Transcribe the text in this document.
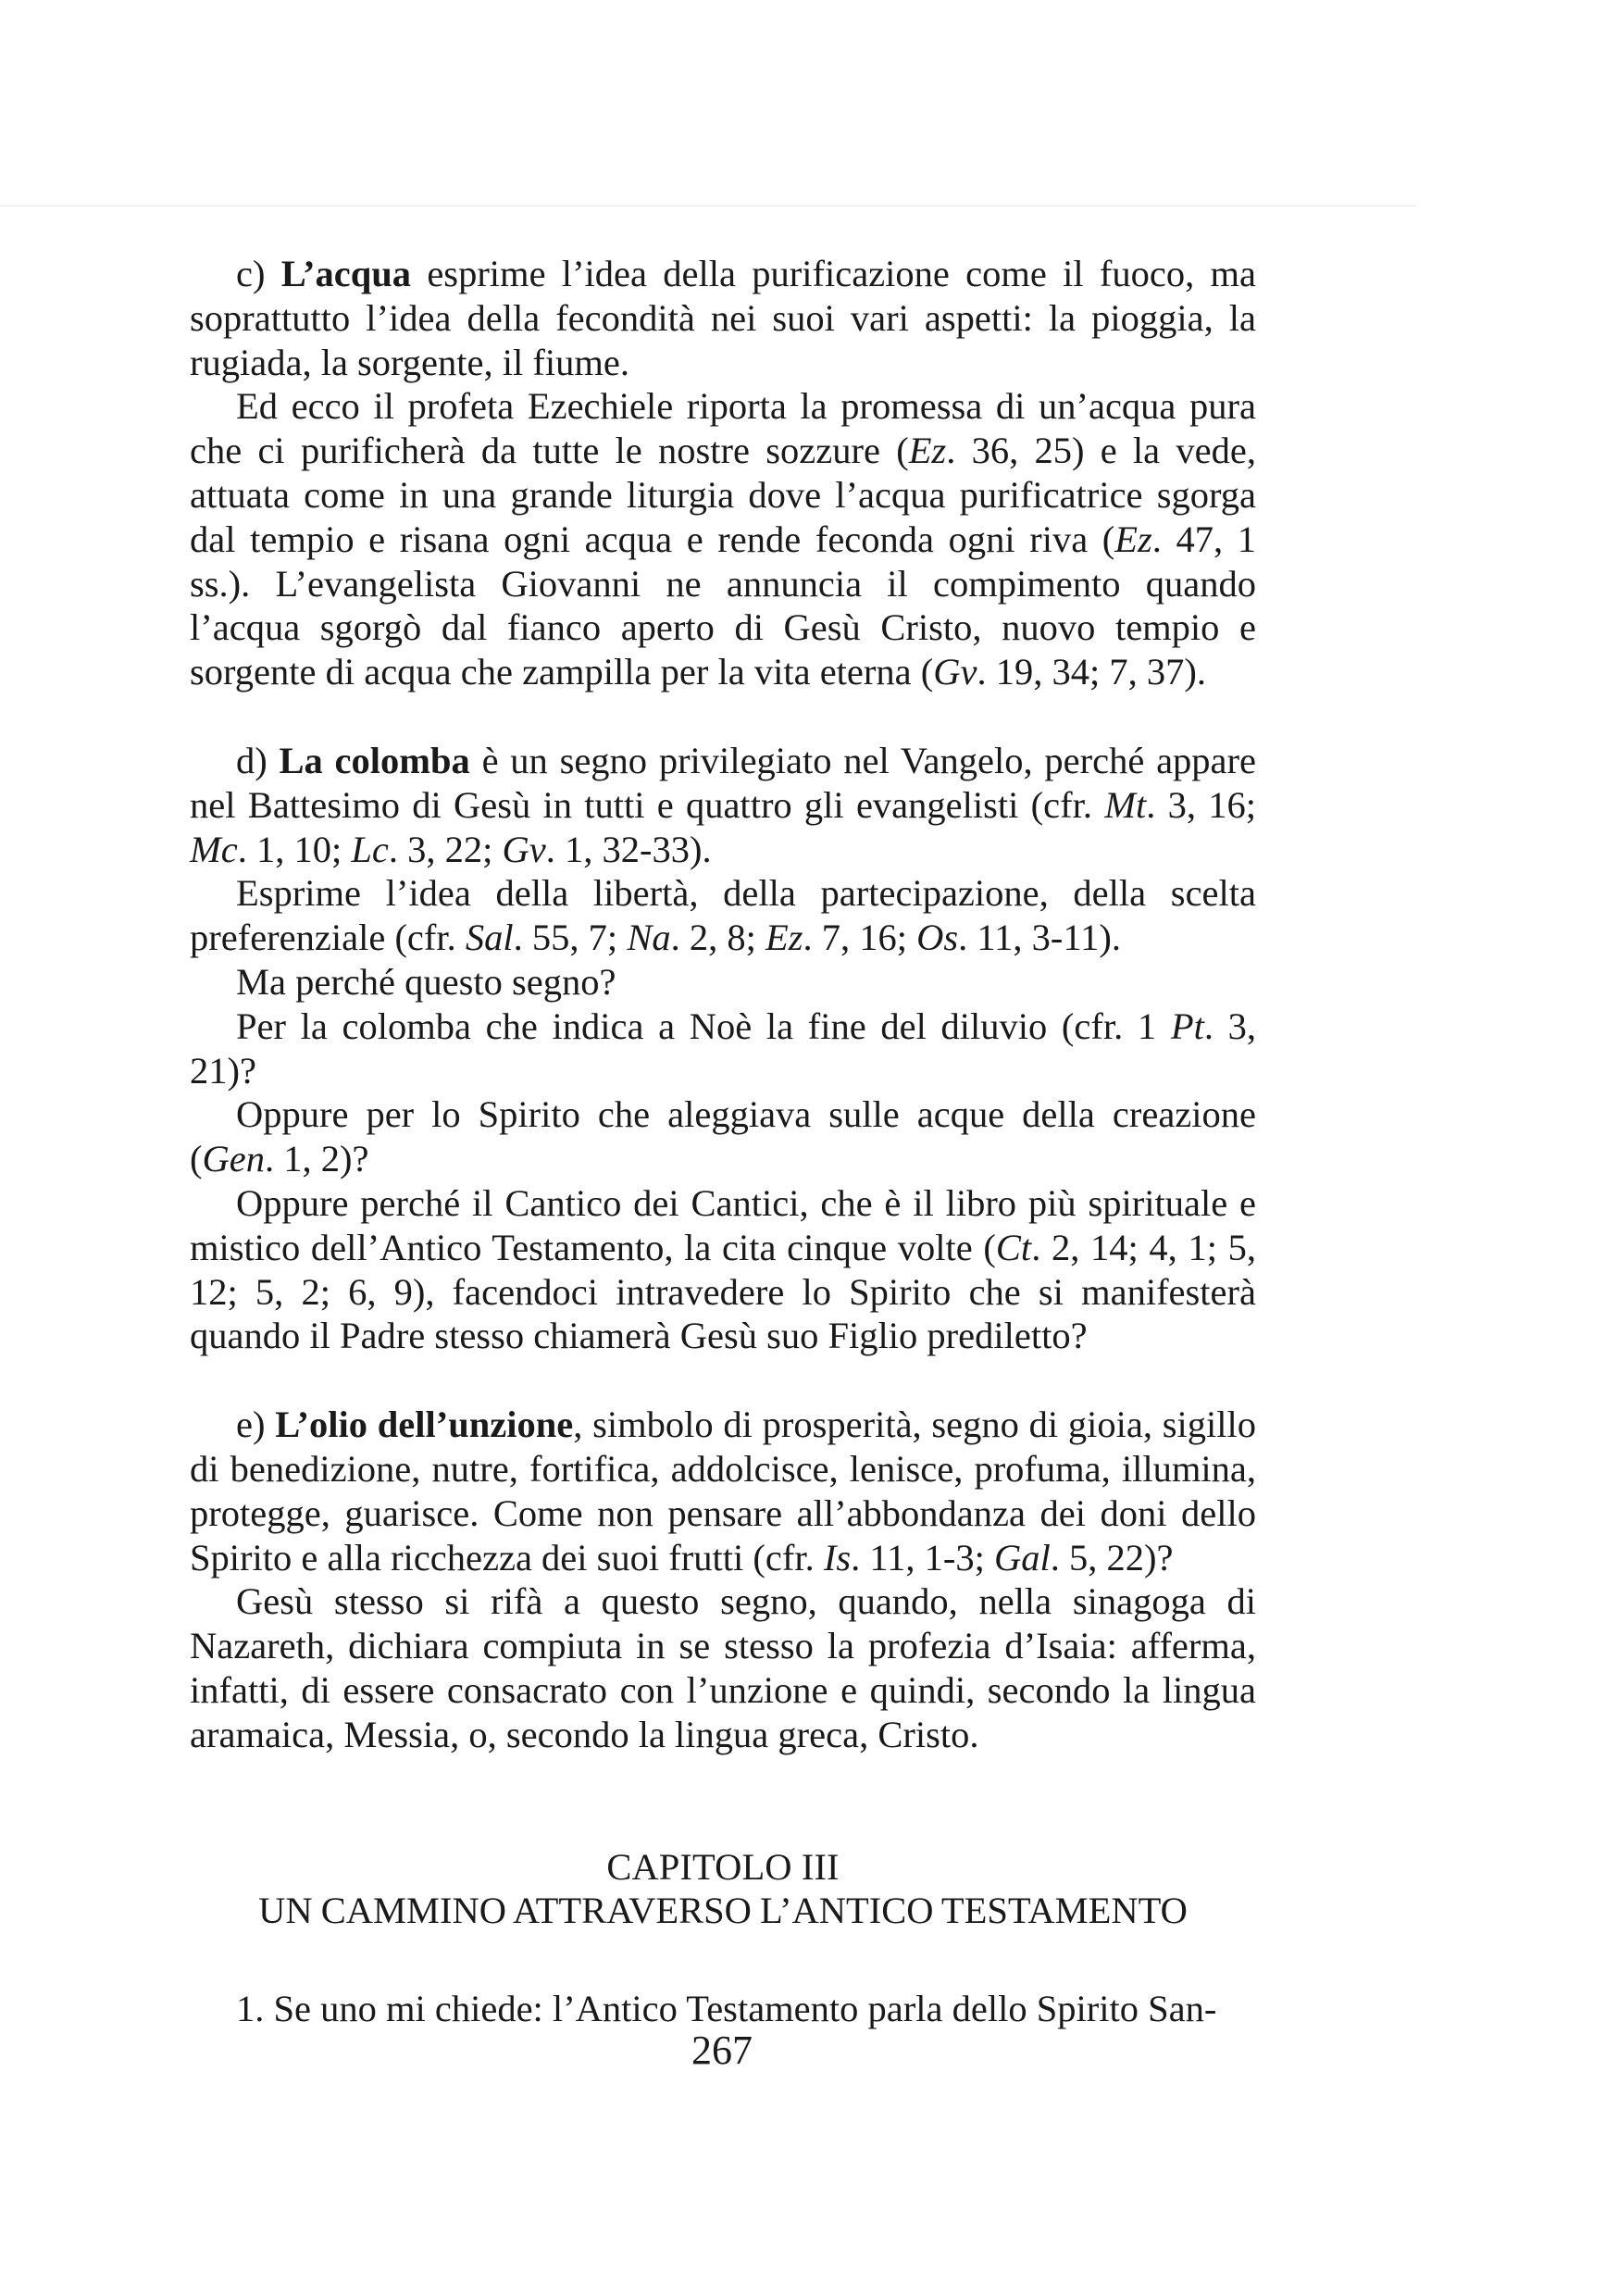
c) L’acqua esprime l’idea della purificazione come il fuoco, ma soprattutto l’idea della fecondità nei suoi vari aspetti: la pioggia, la rugiada, la sorgente, il fiume.

Ed ecco il profeta Ezechiele riporta la promessa di un’acqua pura che ci purificherà da tutte le nostre sozzure (Ez. 36, 25) e la vede, attuata come in una grande liturgia dove l’acqua purificatrice sgorga dal tempio e risana ogni acqua e rende feconda ogni riva (Ez. 47, 1 ss.). L’evangelista Giovanni ne annuncia il compimento quando l’acqua sgorgò dal fianco aperto di Gesù Cristo, nuovo tempio e sorgente di acqua che zampilla per la vita eterna (Gv. 19, 34; 7, 37).

d) La colomba è un segno privilegiato nel Vangelo, perché appare nel Battesimo di Gesù in tutti e quattro gli evangelisti (cfr. Mt. 3, 16; Mc. 1, 10; Lc. 3, 22; Gv. 1, 32-33).

Esprime l’idea della libertà, della partecipazione, della scelta preferenziale (cfr. Sal. 55, 7; Na. 2, 8; Ez. 7, 16; Os. 11, 3-11).

Ma perché questo segno?

Per la colomba che indica a Noè la fine del diluvio (cfr. 1 Pt. 3, 21)?

Oppure per lo Spirito che aleggiava sulle acque della creazione (Gen. 1, 2)?

Oppure perché il Cantico dei Cantici, che è il libro più spirituale e mistico dell’Antico Testamento, la cita cinque volte (Ct. 2, 14; 4, 1; 5, 12; 5, 2; 6, 9), facendoci intravedere lo Spirito che si manifesterà quando il Padre stesso chiamerà Gesù suo Figlio prediletto?

e) L’olio dell’unzione, simbolo di prosperità, segno di gioia, sigillo di benedizione, nutre, fortifica, addolcisce, lenisce, profuma, illumina, protegge, guarisce. Come non pensare all’abbondanza dei doni dello Spirito e alla ricchezza dei suoi frutti (cfr. Is. 11, 1-3; Gal. 5, 22)?

Gesù stesso si rifà a questo segno, quando, nella sinagoga di Nazareth, dichiara compiuta in se stesso la profezia d’Isaia: afferma, infatti, di essere consacrato con l’unzione e quindi, secondo la lingua aramaica, Messia, o, secondo la lingua greca, Cristo.

CAPITOLO III

UN CAMMINO ATTRAVERSO L’ANTICO TESTAMENTO

1. Se uno mi chiede: l’Antico Testamento parla dello Spirito San-

267
